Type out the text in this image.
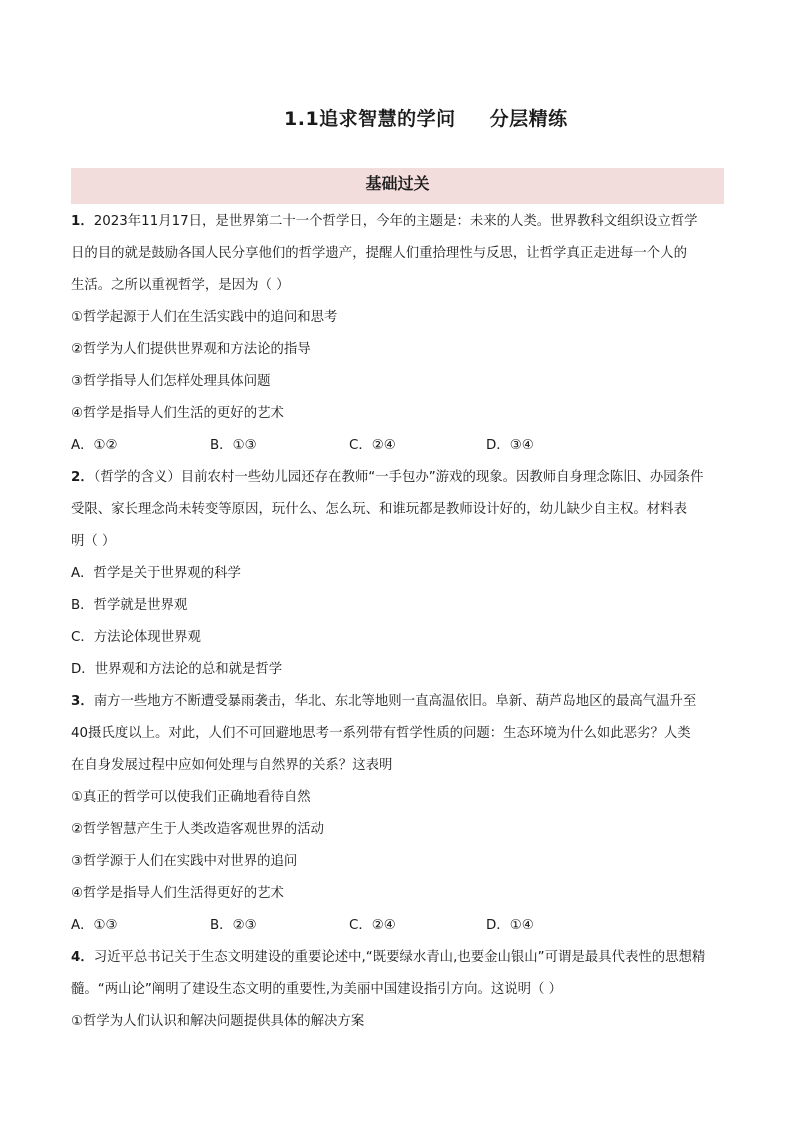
1.1追求智慧的学问 分层精练
基础过关
1．2023年11月17日，是世界第二十一个哲学日，今年的主题是：未来的人类。世界教科文组织设立哲学
日的目的就是鼓励各国人民分享他们的哲学遗产，提醒人们重拾理性与反思，让哲学真正走进每一个人的
生活。之所以重视哲学，是因为（ ）
①哲学起源于人们在生活实践中的追问和思考
②哲学为人们提供世界观和方法论的指导
③哲学指导人们怎样处理具体问题
④哲学是指导人们生活的更好的艺术
A．①②	B．①③	C．②④	D．③④
2．（哲学的含义）目前农村一些幼儿园还存在教师“一手包办”游戏的现象。因教师自身理念陈旧、办园条件
受限、家长理念尚未转变等原因，玩什么、怎么玩、和谁玩都是教师设计好的，幼儿缺少自主权。材料表
明（ ）
A．哲学是关于世界观的科学
B．哲学就是世界观
C．方法论体现世界观
D．世界观和方法论的总和就是哲学
3．南方一些地方不断遭受暴雨袭击，华北、东北等地则一直高温依旧。阜新、葫芦岛地区的最高气温升至
40摄氏度以上。对此，人们不可回避地思考一系列带有哲学性质的问题：生态环境为什么如此恶劣？人类
在自身发展过程中应如何处理与自然界的关系？这表明
①真正的哲学可以使我们正确地看待自然
②哲学智慧产生于人类改造客观世界的活动
③哲学源于人们在实践中对世界的追问
④哲学是指导人们生活得更好的艺术
A．①③	B．②③	C．②④	D．①④
4．习近平总书记关于生态文明建设的重要论述中,“既要绿水青山,也要金山银山”可谓是最具代表性的思想精
髓。“两山论”阐明了建设生态文明的重要性,为美丽中国建设指引方向。这说明（ ）
①哲学为人们认识和解决问题提供具体的解决方案
